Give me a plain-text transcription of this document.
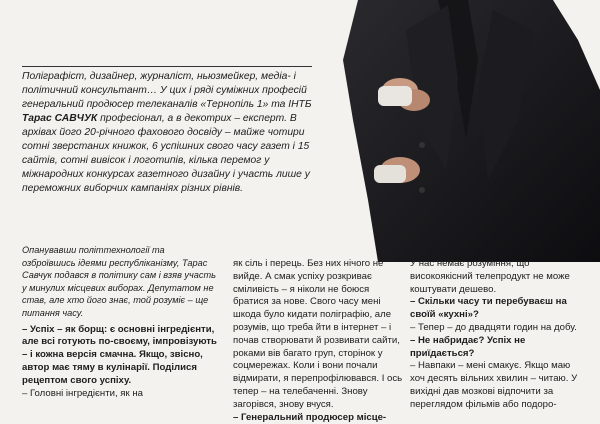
Поліграфіст, дизайнер, журналіст, ньюзмейкер, медіа- і політичний консультант… У цих і ряді суміжних професій генеральний продюсер телеканалів «Тернопіль 1» та ІНТБ Тарас САВЧУК професіонал, а в декотрих – експерт. В архівах його 20-річного фахового досвіду – майже чотири сотні зверстаних книжок, 6 успішних свого часу газет і 15 сайтів, сотні вивісок і логотипів, кілька перемог у міжнародних конкурсах газетного дизайну і участь лише у переможних виборчих кампаніях різних рівнів.

Опанувавши політтехнології та озброївшись ідеями республіканізму, Тарас Савчук подався в політику сам і взяв участь у минулих місцевих виборах. Депутатом не став, але хто його знає, той розуміє – ще питання часу.

– Успіх – як борщ: є основні інгредієнти, але всі готують по-своєму, імпровізують – і кожна версія смачна. Якщо, звісно, автор має тяму в кулінарії. Поділися рецептом свого успіху.

– Головні інгредієнти, як на

як сіль і перець. Без них нічого не вийде. А смак успіху розкриває сміливість – я ніколи не боюся братися за нове. Свого часу мені шкода було кидати поліграфію, але розумів, що треба йти в інтернет – і почав створювати й розвивати сайти, роками вів багато груп, сторінок у соцмережах. Коли і вони почали відмирати, я перепрофілювався. І ось тепер – на телебаченні. Знову загорівся, знову вчуся.

– Генеральний продюсер місце-

У нас немає розуміння, що високоякісний телепродукт не може коштувати дешево.

– Скільки часу ти перебуваєш на своїй «кухні»?

– Тепер – до двадцяти годин на добу.

– Не набридає? Успіх не приїдається?

– Навпаки – мені смакує. Якщо маю хоч десять вільних хвилин – читаю. У вихідні дав мозкові відпочити за переглядом фільмів або подоро-
